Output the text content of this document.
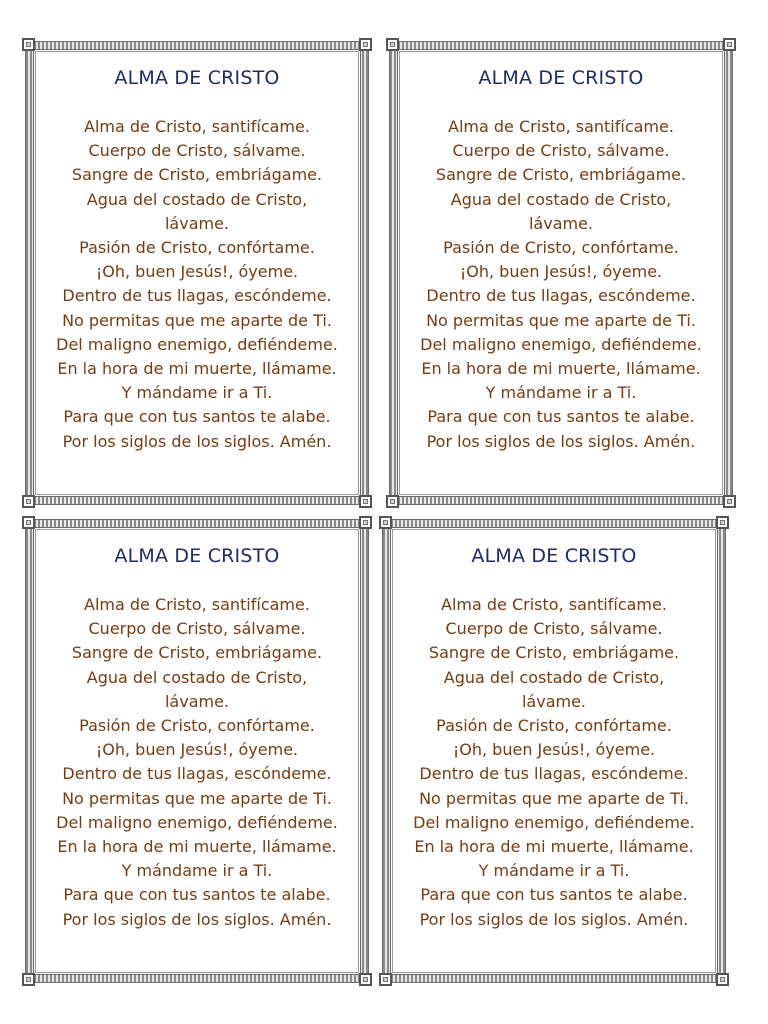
ALMA DE CRISTO
Alma de Cristo, santifícame.
Cuerpo de Cristo, sálvame.
Sangre de Cristo, embriágame.
Agua del costado de Cristo,
lávame.
Pasión de Cristo, confórtame.
¡Oh, buen Jesús!, óyeme.
Dentro de tus llagas, escóndeme.
No permitas que me aparte de Ti.
Del maligno enemigo, defiéndeme.
En la hora de mi muerte, llámame.
Y mándame ir a Ti.
Para que con tus santos te alabe.
Por los siglos de los siglos. Amén.
ALMA DE CRISTO
Alma de Cristo, santifícame.
Cuerpo de Cristo, sálvame.
Sangre de Cristo, embriágame.
Agua del costado de Cristo,
lávame.
Pasión de Cristo, confórtame.
¡Oh, buen Jesús!, óyeme.
Dentro de tus llagas, escóndeme.
No permitas que me aparte de Ti.
Del maligno enemigo, defiéndeme.
En la hora de mi muerte, llámame.
Y mándame ir a Ti.
Para que con tus santos te alabe.
Por los siglos de los siglos. Amén.
ALMA DE CRISTO
Alma de Cristo, santifícame.
Cuerpo de Cristo, sálvame.
Sangre de Cristo, embriágame.
Agua del costado de Cristo,
lávame.
Pasión de Cristo, confórtame.
¡Oh, buen Jesús!, óyeme.
Dentro de tus llagas, escóndeme.
No permitas que me aparte de Ti.
Del maligno enemigo, defiéndeme.
En la hora de mi muerte, llámame.
Y mándame ir a Ti.
Para que con tus santos te alabe.
Por los siglos de los siglos. Amén.
ALMA DE CRISTO
Alma de Cristo, santifícame.
Cuerpo de Cristo, sálvame.
Sangre de Cristo, embriágame.
Agua del costado de Cristo,
lávame.
Pasión de Cristo, confórtame.
¡Oh, buen Jesús!, óyeme.
Dentro de tus llagas, escóndeme.
No permitas que me aparte de Ti.
Del maligno enemigo, defiéndeme.
En la hora de mi muerte, llámame.
Y mándame ir a Ti.
Para que con tus santos te alabe.
Por los siglos de los siglos. Amén.
